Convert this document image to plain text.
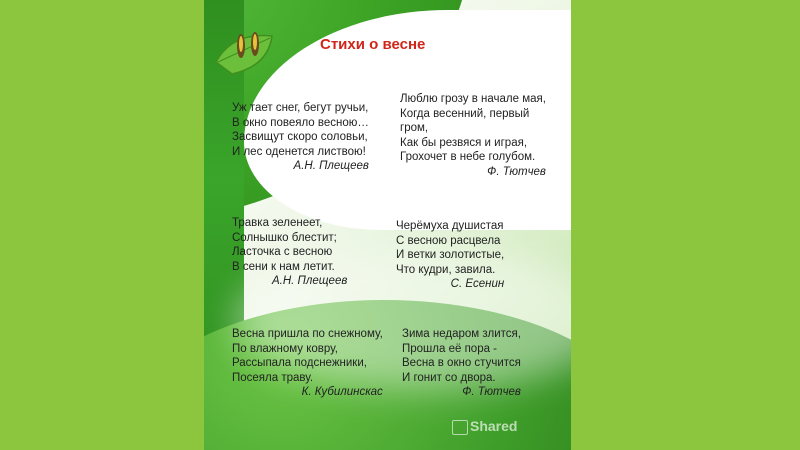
Стихи о весне
Уж тает снег, бегут ручьи,
В окно повеяло весною…
Засвищут скоро соловьи,
И лес оденется листвою!
А.Н. Плещеев
Люблю грозу в начале мая,
Когда весенний, первый
гром,
Как бы резвяся и играя,
Грохочет в небе голубом.
Ф. Тютчев
Травка зеленеет,
Солнышко блестит;
Ласточка с весною
В сени к нам летит.
А.Н. Плещеев
Черёмуха душистая
С весною расцвела
И ветки золотистые,
Что кудри, завила.
С. Есенин
Весна пришла по снежному,
По влажному ковру,
Рассыпала подснежники,
Посеяла траву.
К. Кубилинскас
Зима недаром злится,
Прошла её пора -
Весна в окно стучится
И гонит со двора.
Ф. Тютчев
Shared
